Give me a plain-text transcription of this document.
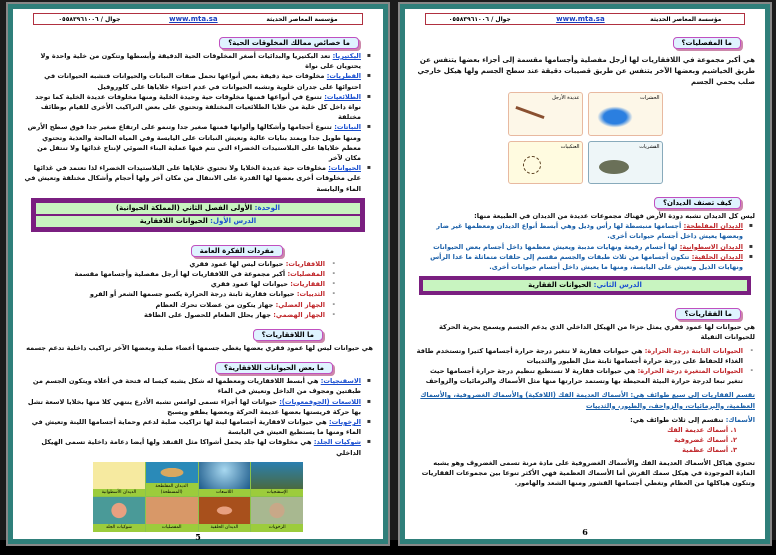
مؤسسة المعاصر الحديثة
www.mta.sa
جوال / ٠٥٥٨٣٩٦١٠٠٦
ما خصائص ممالك المخلوقات الحية؟
▪ البكتيريا: تعد البكتيريا والبدائيات أصغر المخلوقات الحية الدقيقة وأبسطها وتتكون من خلية واحدة ولا يحتويان على نواة
▪ الفطريات: مخلوقات حية دقيقة بعض أنواعها تحمل صفات النباتات والحيوانات فتشبه الحيوانات في احتوائها على جدران خلوية وتشبه الحيوانات في عدم احتواء خلاياها على كلوروفيل
▪ الطلائعيات: تتنوع في أنواعها فمنها مخلوقات حية وحيدة الخلية ومنها مخلوقات عديدة الخلية كما توجد نواة داخل كل خلية من خلايا الطلائعيات المختلفة وتحتوي على بعض التراكيب الأخرى للقيام بوظائف مختلفة
▪ النباتات: تتنوع أحجامها وأشكالها وألوانها فمنها صغير جدا وتنمو على ارتفاع صغير جدا فوق سطح الأرض ومنها طويل جدا ويمتد بنايات عالية وتعيش النباتات على اليابسة وفي المياه المالحة والعذبة وتحتوي معظم خلاياها على البلاستيدات الخضراء التي تتم فيها عملية البناء الضوئي لإنتاج غذائها ولا تنتقل من مكان لآخر
▪ الحيوانات: مخلوقات حية عديدة الخلايا ولا تحتوي خلاياها على البلاستيدات الخضراء لذا تعتمد في غذائها على مخلوقات أخرى بعضها لها القدرة على الانتقال من مكان آخر ولها أحجام وأشكال مختلفة وتعيش في الماء واليابسة
الوحدة: الأولى الفصل الثاني (المملكة الحيوانية)
الدرس الأول: الحيوانات اللافقارية
مفردات الفكرة العامة
- اللافقاريات: حيوانات ليس لها عمود فقري
- المفصليات: أكبر مجموعة في اللافقاريات لها أرجل مفصلية وأجسامها مقسمة
- الفقاريات: حيوانات لها عمود فقري
- الثدييات: حيوانات فقارية ثابتة درجة الحرارة يكسو جسمها الشعر أو الفرو
- الجهاز العضلي: جهاز يتكون من عضلات تحرك العظام
- الجهاز الهضمي: جهاز يحلل الطعام للحصول على الطاقة
ما اللافقاريات؟
هي حيوانات ليس لها عمود فقري بعضها يغطي جسمها أعضاء صلبة وبعضها الآخر تراكيب داخلية تدعم جسمه
ما بعض الحيوانات اللافقارية؟
▪ الاسفنجيات: هي أبسط اللافقاريات ومعظمها له شكل يشبه كيسا له فتحة في أعلاه ويتكون الجسم من طبقتين ومجوف من الداخل وتعيش في الماء
▪ اللاسعات (الجوفمعويات): حيوانات لها أجزاء تسمى لوامس تشبه الأذرع ينتهي كلا منها بخلايا لاسعة تشل بها حركة فريستها بعضها عديمة الحركة وبعضها يطفو ويسبح
▪ الرخويات: هي حيوانات لافقارية أجسامها لينة لها تراكيب صلبة لدعم وحماية أجسامها اللينة وتعيش في الماء ومنها ما يستطيع العيش في اليابسة
▪ شوكيات الجلد: هي مخلوقات لها جلد يحمل أشواكا مثل القنفذ ولها أيضا دعامة داخلية تسمى الهيكل الداخلي
الإسفنجيات
اللاسعات
الديدان المفلطحة (المسطحة)
الديدان الأسطوانية
الرخويات
الديدان الحلقية
المفصليات
شوكيات الجلد
5
مؤسسة المعاصر الحديثة
www.mta.sa
جوال / ٠٥٥٨٣٩٦١٠٠٦
ما المفصليات؟
هي أكبر مجموعة في اللافقاريات لها أرجل مفصلية وأجسامها مقسمة إلى أجزاء بعضها يتنفس عن طريق الخياشيم وبعضها الآخر يتنفس عن طريق قصيبات دقيقة عند سطح الجسم ولها هيكل خارجي صلب يحمي الجسم
الحشرات
عديدة الأرجل
القشريات
العنكبيات
كيف تصنف الديدان؟
ليس كل الديدان تشبه دودة الأرض فهناك مجموعات عديدة من الديدان في الطبيعة منها:
▪ الديدان المفلطحة: أجسامها منبسطة لها رأس وذيل وهي أبسط أنواع الديدان ومعظمها غير ضار وبعضها يعيش داخل أجسام حيوانات أخرى.
▪ الديدان الاسطوانية: لها أجسام رفيعة ونهايات مدببة ويعيش معظمها داخل أجسام بعض الحيوانات
▪ الديدان الحلقية: تتكون أجسامها من ثلاث طبقات والجسم مقسم إلى حلقات متماثلة ما عدا الرأس ونهايات الذيل وتعيش على اليابسة، ومنها ما يعيش داخل أجسام حيوانات أخرى.
الدرس الثاني: الحيوانات الفقارية
ما الفقاريات؟
هي حيوانات لها عمود فقري يمثل جزءا من الهيكل الداخلي الذي يدعم الجسم ويسمح بحرية الحركة للحيوانات الثقيلة
- الحيوانات الثابتة درجة الحرارة: هي حيوانات فقارية لا تتغير درجة حرارة أجسامها كثيرا وتستخدم طاقة الغذاء للحفاظ على درجة حرارة أجسامها ثابتة مثل الطيور والثدييات
- الحيوانات المتغيرة درجة الحرارة: هي حيوانات فقارية لا تستطيع تنظيم درجة حرارة أجسامها حيث تتغير تبعا لدرجة حرارة البيئة المحيطة بها وتستمد حرارتها منها مثل الأسماك والبرمائيات والزواحف
تقسم الفقاريات إلى سبع طوائف هي: الأسماك العديمة الفك (اللافكية) والأسماك الغضروفية، والأسماك العظمية، والبرمائيات، والزواحف، والطيور، والثدييات
الأسماك: تنقسم إلى ثلاث طوائف هي:
١. أسماك عديمة الفك
٢. أسماك غضروفية
٣. أسماك عظمية
تحتوي هياكل الأسماك العديمة الفك والأسماك الغضروفية على مادة مرنة تسمى الغضروف وهو يشبه المادة الموجودة في هيكل سمك القرش أما الأسماك العظمية فهي الأكثر تنوعا بين مجموعات الفقاريات وتتكون هياكلها من العظام وتغطي أجسامها القشور ومنها الشعد والهامور.
6
